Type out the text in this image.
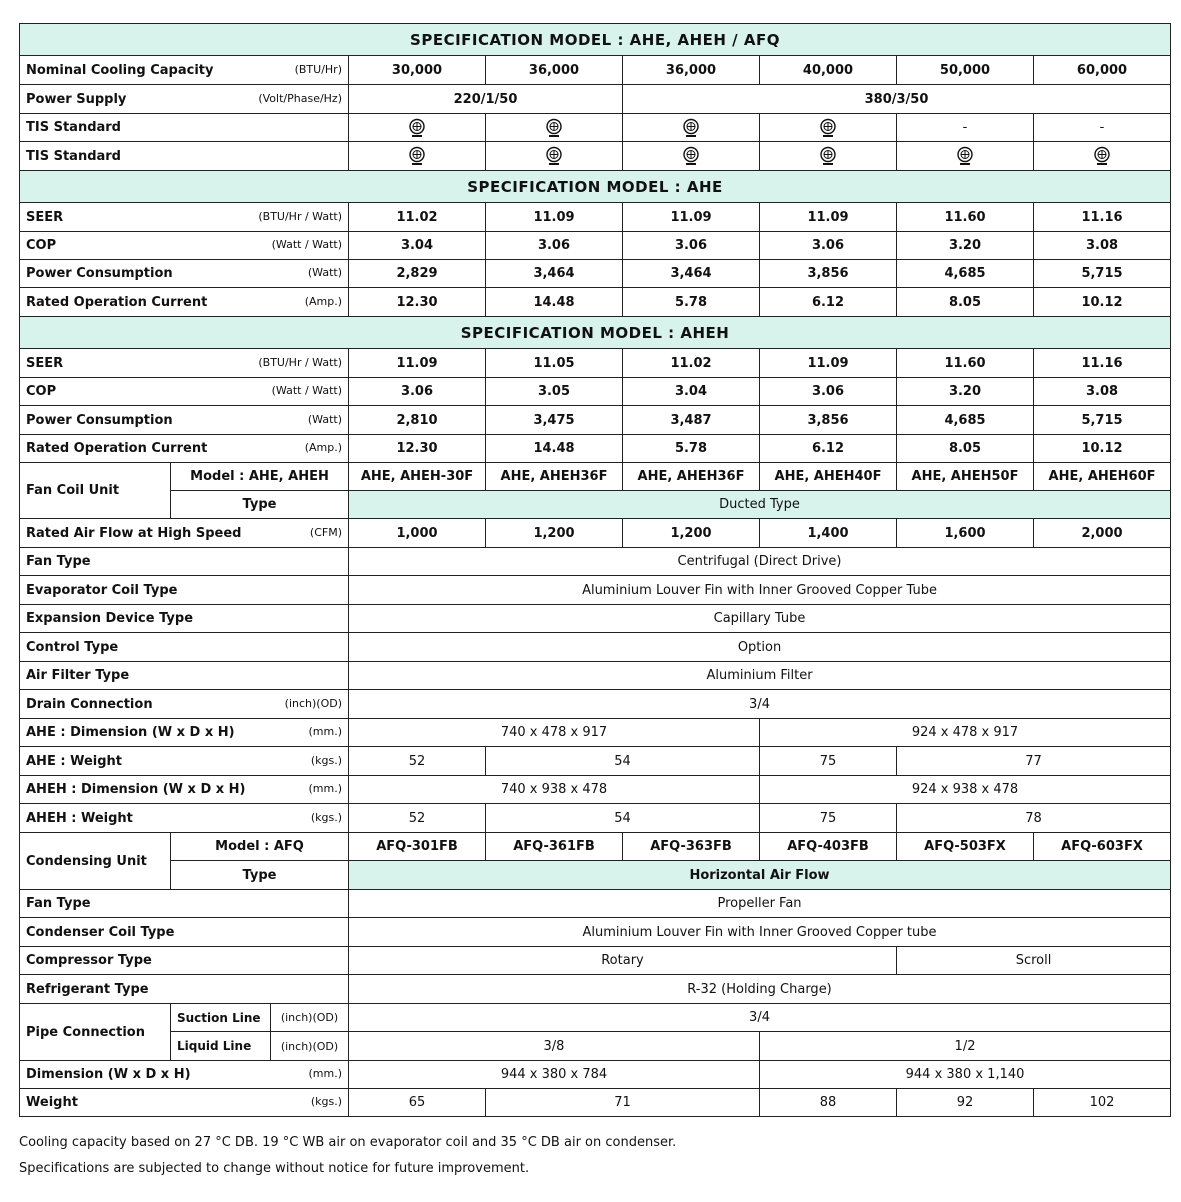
SPECIFICATION MODEL : AHE, AHEH / AFQ								
Nominal Cooling Capacity (BTU/Hr)			30,000	36,000	36,000	40,000	50,000	60,000
Power Supply (Volt/Phase/Hz)			220/1/50		380/3/50			
TIS Standard							-	-
TIS Standard						
SPECIFICATION MODEL : AHE								
SEER (BTU/Hr / Watt)			11.02	11.09	11.09	11.09	11.60	11.16
COP (Watt / Watt)			3.04	3.06	3.06	3.06	3.20	3.08
Power Consumption (Watt)			2,829	3,464	3,464	3,856	4,685	5,715
Rated Operation Current (Amp.)			12.30	14.48	5.78	6.12	8.05	10.12
SPECIFICATION MODEL : AHEH								
SEER (BTU/Hr / Watt)			11.09	11.05	11.02	11.09	11.60	11.16
COP (Watt / Watt)			3.06	3.05	3.04	3.06	3.20	3.08
Power Consumption (Watt)			2,810	3,475	3,487	3,856	4,685	5,715
Rated Operation Current (Amp.)			12.30	14.48	5.78	6.12	8.05	10.12
Fan Coil Unit	Model : AHE, AHEH		AHE, AHEH-30F	AHE, AHEH36F	AHE, AHEH36F	AHE, AHEH40F	AHE, AHEH50F	AHE, AHEH60F
	Type		Ducted Type					
Rated Air Flow at High Speed (CFM)			1,000	1,200	1,200	1,400	1,600	2,000
Fan Type			Centrifugal (Direct Drive)					
Evaporator Coil Type			Aluminium Louver Fin with Inner Grooved Copper Tube					
Expansion Device Type			Capillary Tube					
Control Type			Option					
Air Filter Type			Aluminium Filter					
Drain Connection (inch)(OD)			3/4					
AHE : Dimension (W x D x H) (mm.)			740 x 478 x 917			924 x 478 x 917		
AHE : Weight (kgs.)			52	54		75	77	
AHEH : Dimension (W x D x H) (mm.)			740 x 938 x 478			924 x 938 x 478		
AHEH : Weight (kgs.)			52	54		75	78	
Condensing Unit	Model : AFQ		AFQ-301FB	AFQ-361FB	AFQ-363FB	AFQ-403FB	AFQ-503FX	AFQ-603FX
	Type		Horizontal Air Flow					
Fan Type			Propeller Fan					
Condenser Coil Type			Aluminium Louver Fin with Inner Grooved Copper tube					
Compressor Type			Rotary				Scroll	
Refrigerant Type			R-32 (Holding Charge)					
Pipe Connection	Suction Line	(inch)(OD)	3/4					
	Liquid Line	(inch)(OD)	3/8			1/2		
Dimension (W x D x H) (mm.)			944 x 380 x 784			944 x 380 x 1,140		
Weight (kgs.)			65	71		88	92	102
Cooling capacity based on 27 °C DB. 19 °C WB air on evaporator coil and 35 °C DB air on condenser.
Specifications are subjected to change without notice for future improvement.
